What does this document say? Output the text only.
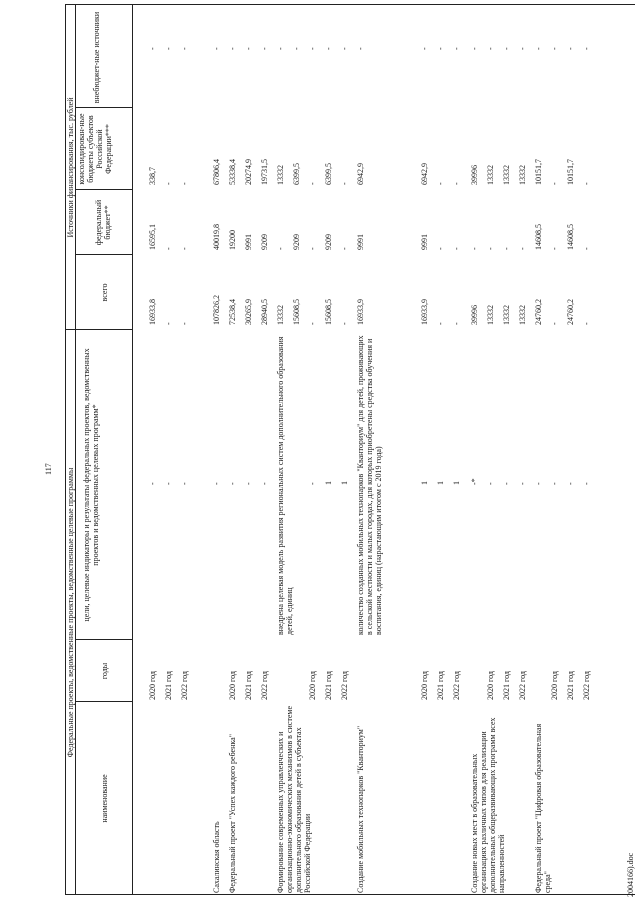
117 Федеральные проекты, ведомственные проекты, ведомственные целевые программы
Источники финансирования, тыс. рублей
наименование
годы
цели, целевые индикаторы и результаты федеральных проектов, ведомственных проектов и ведомственных целевых программ*
всего
федеральный бюджет**
консолидирован-ные бюджеты субъектов Российской Федерации***
внебюджет-ные источники
2020 год
-
16933,8
16595,1
338,7
-
2021 год
-
-
-
-
-
2022 год
-
-
-
-
-
Сахалинская область
-
107826,2
40019,8
67806,4
-
Федеральный проект "Успех каждого ребенка"
2020 год
-
72538,4
19200
53338,4
-
2021 год
-
30265,9
9991
20274,9
-
2022 год
-
28940,5
9209
19731,5
-
Формирование современных управленческих и организационно-экономических механизмов в системе дополнительного образования детей в субъектах Российской Федерации
внедрена целевая модель развития региональных систем дополнительного образования детей, единиц
13332
-
13332
-
15608,5
9209
6399,5
-
2020 год
-
-
-
-
-
2021 год
1
15608,5
9209
6399,5
-
2022 год
1
-
-
-
-
Создание мобильных технопарков "Кванториум"
количество созданных мобильных технопарков "Кванториум" для детей, проживающих в сельской местности и малых городах, для которых приобретены средства обучения и воспитания, единиц (нарастающим итогом с 2019 года)
16933,9
9991
6942,9
-
2020 год
1
16933,9
9991
6942,9
-
2021 год
1
-
-
-
-
2022 год
1
-
-
-
-
Создание новых мест в образовательных организациях различных типов для реализации дополнительных общеразвивающих программ всех направленностей
-*
39996
-
39996
-
2020 год
-
13332
-
13332
-
2021 год
-
13332
-
13332
-
2022 год
-
13332
-
13332
-
Федеральный проект "Цифровая образовательная среда"
-
24760,2
14608,5
10151,7
-
2020 год
-
-
-
-
-
2021 год
-
24760,2
14608,5
10151,7
-
2022 год
-
-
-
-
-
2004166).doc
